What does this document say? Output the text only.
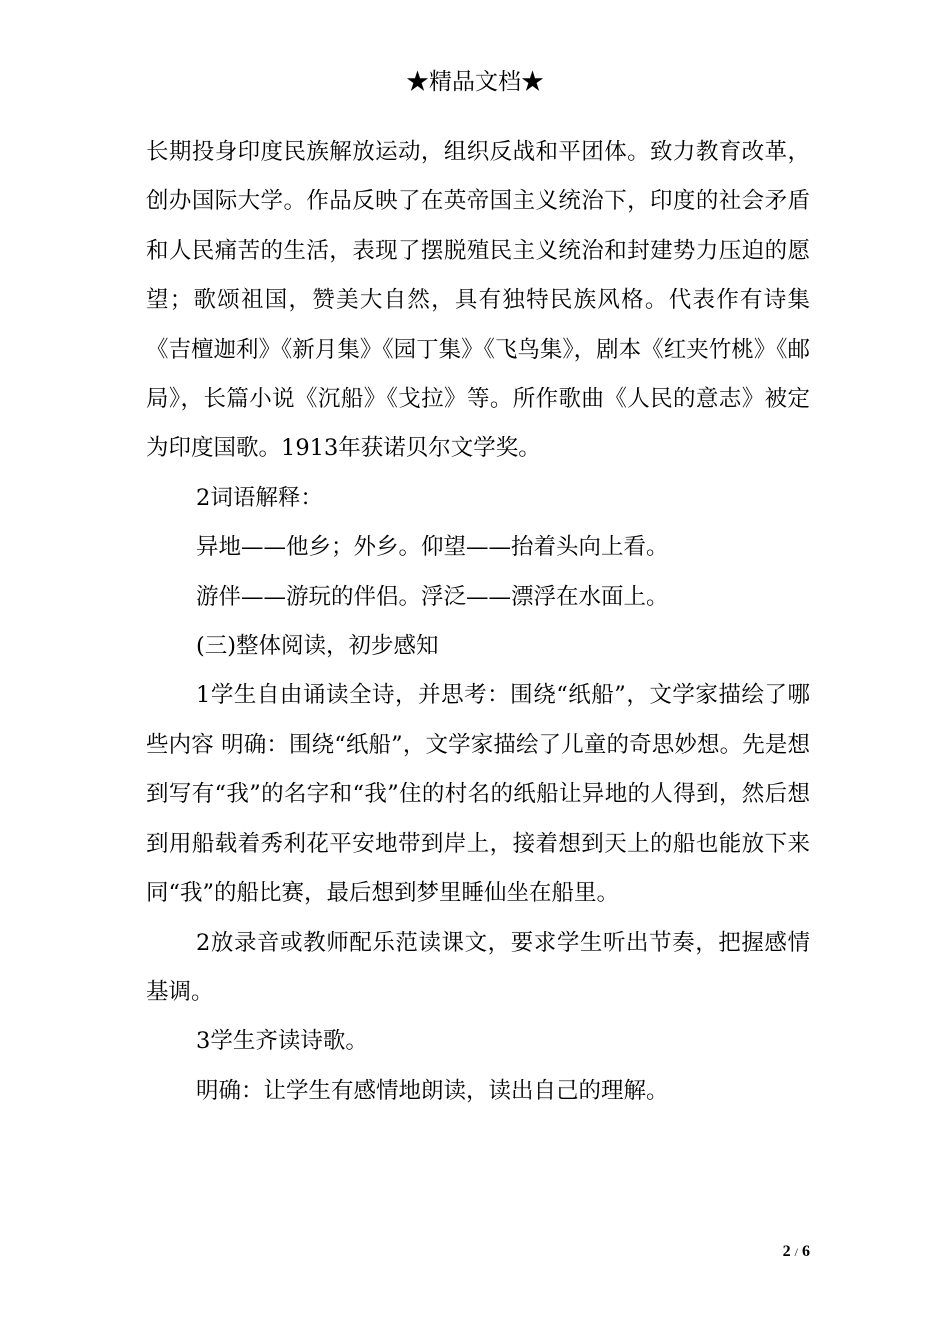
★精品文档★

长期投身印度民族解放运动，组织反战和平团体。致力教育改革，创办国际大学。作品反映了在英帝国主义统治下，印度的社会矛盾和人民痛苦的生活，表现了摆脱殖民主义统治和封建势力压迫的愿望；歌颂祖国，赞美大自然，具有独特民族风格。代表作有诗集《吉檀迦利》《新月集》《园丁集》《飞鸟集》，剧本《红夹竹桃》《邮局》，长篇小说《沉船》《戈拉》等。所作歌曲《人民的意志》被定为印度国歌。1913年获诺贝尔文学奖。

2词语解释：

异地——他乡；外乡。仰望——抬着头向上看。

游伴——游玩的伴侣。浮泛——漂浮在水面上。

(三)整体阅读，初步感知

1学生自由诵读全诗，并思考：围绕“纸船”，文学家描绘了哪些内容 明确：围绕“纸船”，文学家描绘了儿童的奇思妙想。先是想到写有“我”的名字和“我”住的村名的纸船让异地的人得到，然后想到用船载着秀利花平安地带到岸上，接着想到天上的船也能放下来同“我”的船比赛，最后想到梦里睡仙坐在船里。

2放录音或教师配乐范读课文，要求学生听出节奏，把握感情基调。

3学生齐读诗歌。

明确：让学生有感情地朗读，读出自己的理解。

2 / 6
